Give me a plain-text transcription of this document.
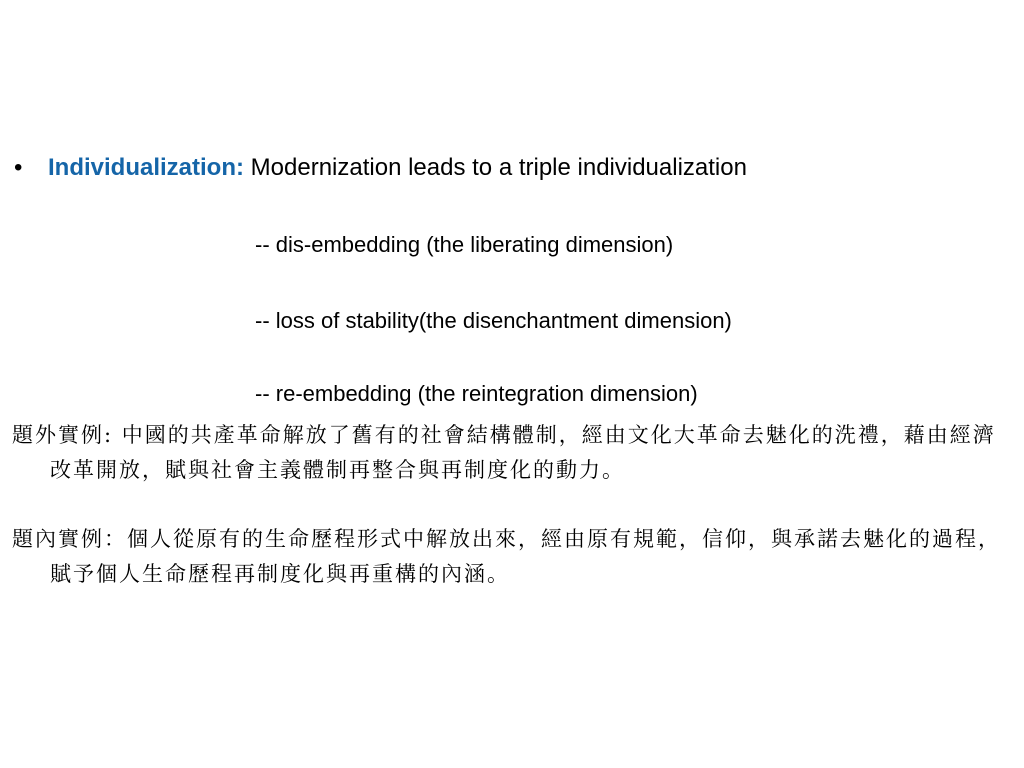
• Individualization: Modernization leads to a triple individualization
-- dis-embedding (the liberating dimension)
-- loss of stability(the disenchantment dimension)
-- re-embedding (the reintegration dimension)
題外實例: 中國的共產革命解放了舊有的社會結構體制，經由文化大革命去魅化的洗禮，藉由經濟改革開放，賦與社會主義體制再整合與再制度化的動力。
題內實例：個人從原有的生命歷程形式中解放出來，經由原有規範，信仰，與承諾去魅化的過程，賦予個人生命歷程再制度化與再重構的內涵。
